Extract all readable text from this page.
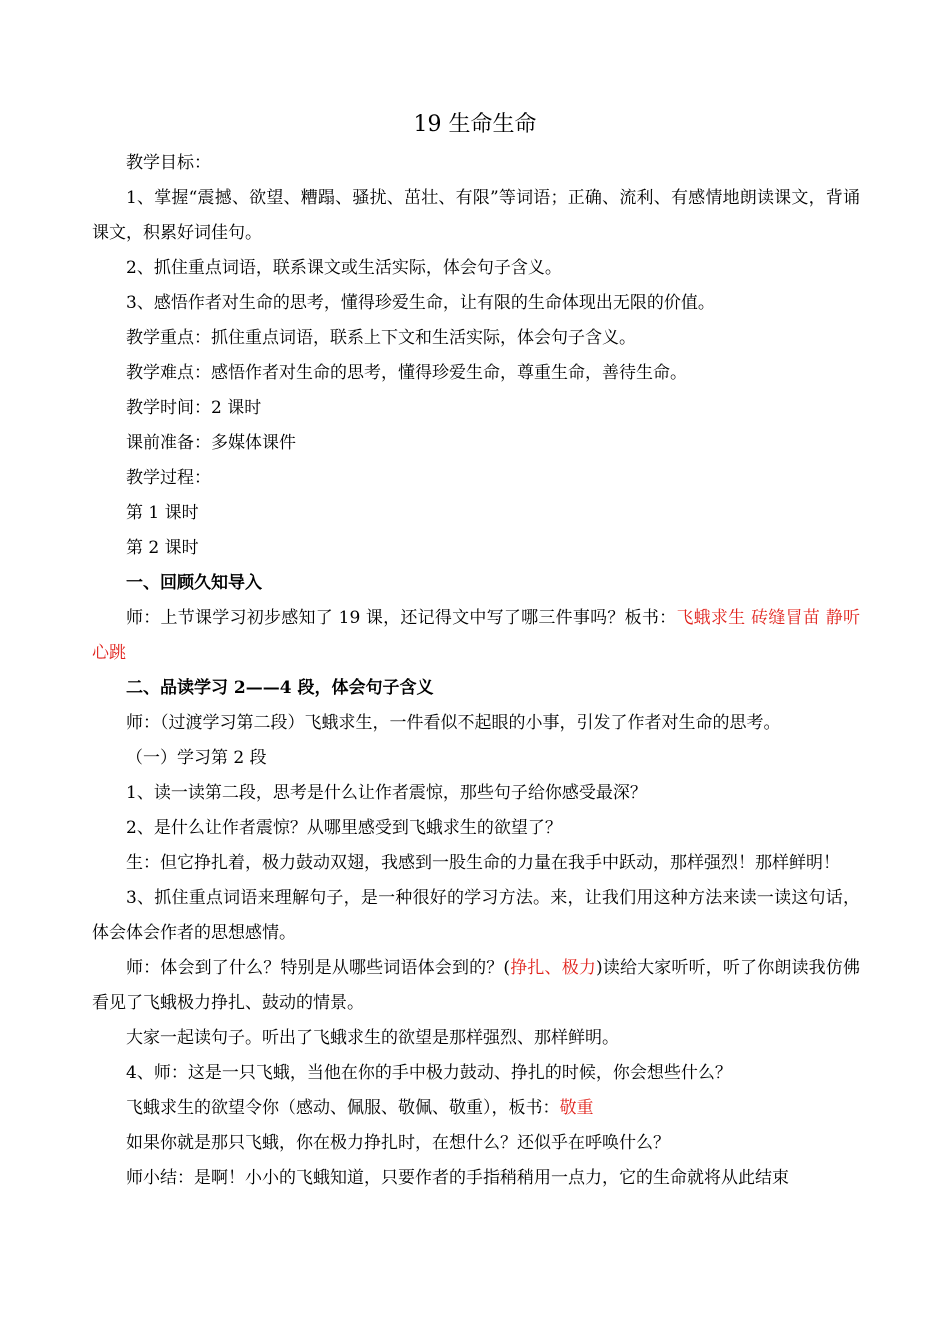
19 生命生命

教学目标：

1、掌握“震撼、欲望、糟蹋、骚扰、茁壮、有限”等词语；正确、流利、有感情地朗读课文，背诵课文，积累好词佳句。

2、抓住重点词语，联系课文或生活实际，体会句子含义。

3、感悟作者对生命的思考，懂得珍爱生命，让有限的生命体现出无限的价值。

教学重点：抓住重点词语，联系上下文和生活实际，体会句子含义。

教学难点：感悟作者对生命的思考，懂得珍爱生命，尊重生命，善待生命。

教学时间：2 课时

课前准备：多媒体课件

教学过程：

第 1 课时

第 2 课时

一、回顾久知导入

师：上节课学习初步感知了 19 课，还记得文中写了哪三件事吗？板书：飞蛾求生 砖缝冒苗 静听心跳

二、品读学习 2——4 段，体会句子含义

师：（过渡学习第二段）飞蛾求生，一件看似不起眼的小事，引发了作者对生命的思考。

（一）学习第 2 段

1、读一读第二段，思考是什么让作者震惊，那些句子给你感受最深？

2、是什么让作者震惊？从哪里感受到飞蛾求生的欲望了？

生：但它挣扎着，极力鼓动双翅，我感到一股生命的力量在我手中跃动，那样强烈！那样鲜明！

3、抓住重点词语来理解句子，是一种很好的学习方法。来，让我们用这种方法来读一读这句话，体会体会作者的思想感情。

师：体会到了什么？特别是从哪些词语体会到的？(挣扎、极力)读给大家听听，听了你朗读我仿佛看见了飞蛾极力挣扎、鼓动的情景。

大家一起读句子。听出了飞蛾求生的欲望是那样强烈、那样鲜明。

4、师：这是一只飞蛾，当他在你的手中极力鼓动、挣扎的时候，你会想些什么？

飞蛾求生的欲望令你（感动、佩服、敬佩、敬重），板书：敬重

如果你就是那只飞蛾，你在极力挣扎时，在想什么？还似乎在呼唤什么？

师小结：是啊！小小的飞蛾知道，只要作者的手指稍稍用一点力，它的生命就将从此结束
